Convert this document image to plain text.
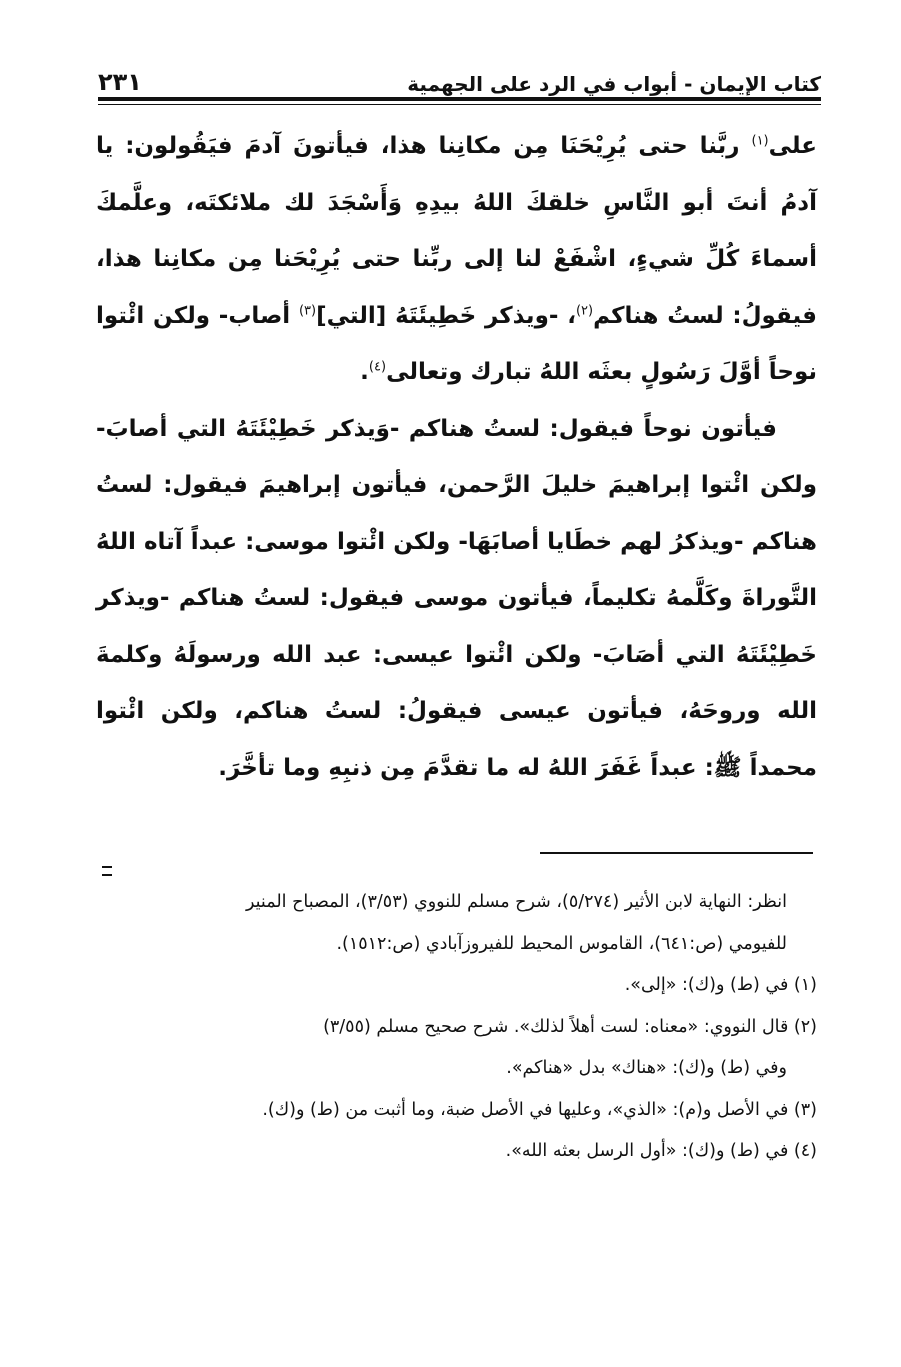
كتاب الإيمان - أبواب في الرد على الجهمية
٢٣١

على$^{(١)}$ ربَّنا حتى يُرِيْحَنَا مِن مكانِنا هذا، فيأتونَ آدمَ فيَقُولون: يا آدمُ أنتَ أبو النَّاسِ خلقكَ اللهُ بيدِهِ وَأَسْجَدَ لك ملائكتَه، وعلَّمكَ أسماءَ كُلِّ شيءٍ، اشْفَعْ لنا إلى ربِّنا حتى يُرِيْحَنا مِن مكانِنا هذا، فيقولُ: لستُ هناكم$^{(٢)}$، -ويذكر خَطِيئَتَهُ [التي]$^{(٣)}$ أصاب- ولكن ائْتوا نوحاً أوَّلَ رَسُولٍ بعثَه اللهُ تبارك وتعالى$^{(٤)}$.

فيأتون نوحاً فيقول: لستُ هناكم -وَيذكر خَطِيْئَتَهُ التي أصابَ- ولكن ائْتوا إبراهيمَ خليلَ الرَّحمن، فيأتون إبراهيمَ فيقول: لستُ هناكم -ويذكرُ لهم خطَايا أصابَهَا- ولكن ائْتوا موسى: عبداً آتاه اللهُ التَّوراةَ وكَلَّمهُ تكليماً، فيأتون موسى فيقول: لستُ هناكم -ويذكر خَطِيْئَتَهُ التي أصَابَ- ولكن ائْتوا عيسى: عبد الله ورسولَهُ وكلمةَ الله وروحَهُ، فيأتون عيسى فيقولُ: لستُ هناكم، ولكن ائْتوا محمداً ﷺ: عبداً غَفَرَ اللهُ له ما تقدَّمَ مِن ذنبِهِ وما تأخَّرَ.

انظر: النهاية لابن الأثير (٥/٢٧٤)، شرح مسلم للنووي (٣/٥٣)، المصباح المنير

للفيومي (ص:٦٤١)، القاموس المحيط للفيروزآبادي (ص:١٥١٢).

(١) في (ط) و(ك): «إلى».

(٢) قال النووي: «معناه: لست أهلاً لذلك». شرح صحيح مسلم (٣/٥٥)

وفي (ط) و(ك): «هناك» بدل «هناكم».

(٣) في الأصل و(م): «الذي»، وعليها في الأصل ضبة، وما أثبت من (ط) و(ك).

(٤) في (ط) و(ك): «أول الرسل بعثه الله».
